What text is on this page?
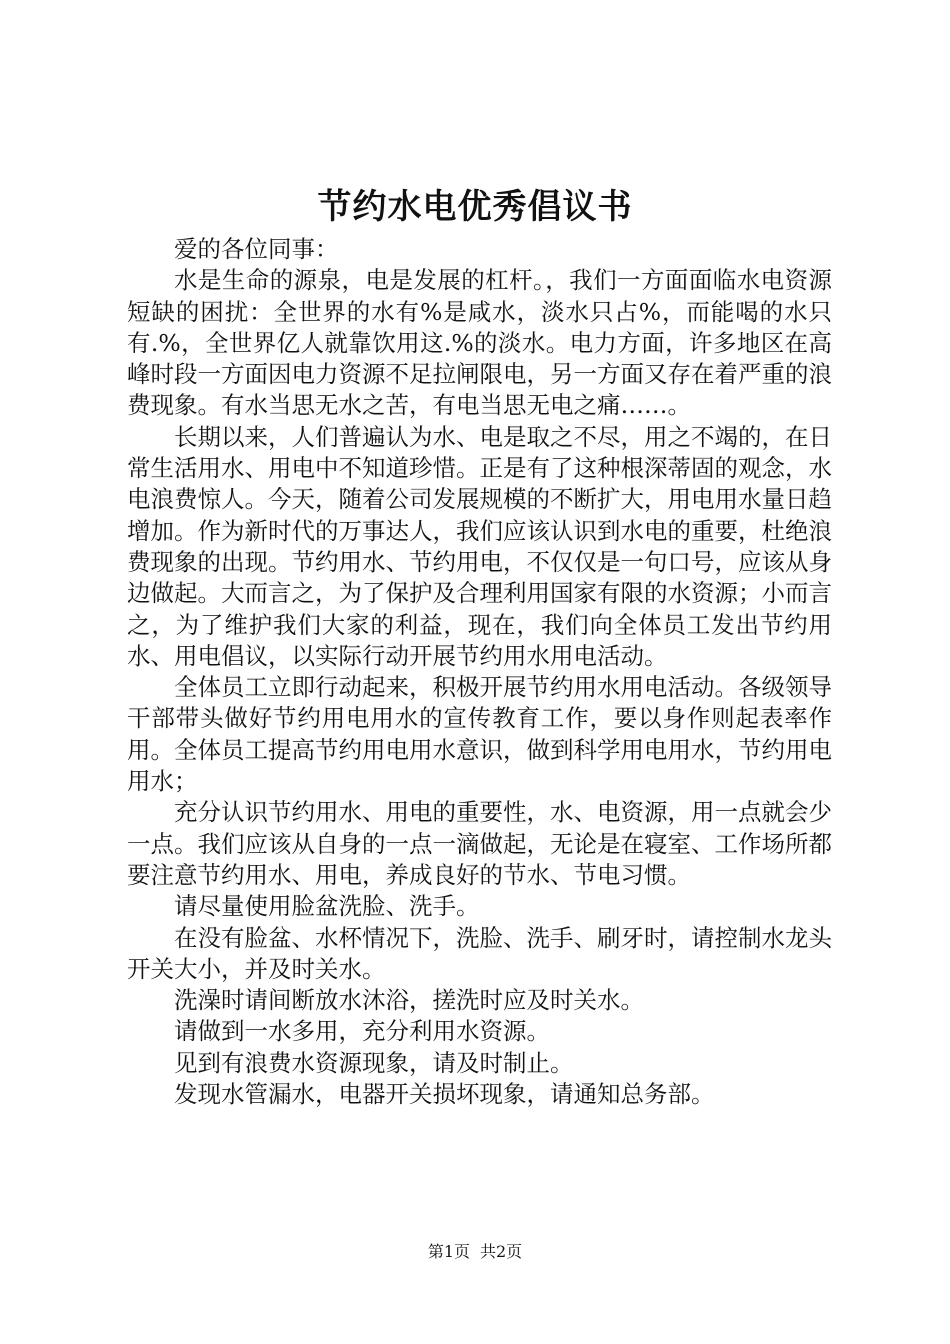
节约水电优秀倡议书

爱的各位同事：

水是生命的源泉，电是发展的杠杆。，我们一方面面临水电资源短缺的困扰：全世界的水有%是咸水，淡水只占%，而能喝的水只有.%，全世界亿人就靠饮用这.%的淡水。电力方面，许多地区在高峰时段一方面因电力资源不足拉闸限电，另一方面又存在着严重的浪费现象。有水当思无水之苦，有电当思无电之痛……。

长期以来，人们普遍认为水、电是取之不尽，用之不竭的，在日常生活用水、用电中不知道珍惜。正是有了这种根深蒂固的观念，水电浪费惊人。今天，随着公司发展规模的不断扩大，用电用水量日趋增加。作为新时代的万事达人，我们应该认识到水电的重要，杜绝浪费现象的出现。节约用水、节约用电，不仅仅是一句口号，应该从身边做起。大而言之，为了保护及合理利用国家有限的水资源；小而言之，为了维护我们大家的利益，现在，我们向全体员工发出节约用水、用电倡议，以实际行动开展节约用水用电活动。

全体员工立即行动起来，积极开展节约用水用电活动。各级领导干部带头做好节约用电用水的宣传教育工作，要以身作则起表率作用。全体员工提高节约用电用水意识，做到科学用电用水，节约用电用水；

充分认识节约用水、用电的重要性，水、电资源，用一点就会少一点。我们应该从自身的一点一滴做起，无论是在寝室、工作场所都要注意节约用水、用电，养成良好的节水、节电习惯。

请尽量使用脸盆洗脸、洗手。

在没有脸盆、水杯情况下，洗脸、洗手、刷牙时，请控制水龙头开关大小，并及时关水。

洗澡时请间断放水沐浴，搓洗时应及时关水。

请做到一水多用，充分利用水资源。

见到有浪费水资源现象，请及时制止。

发现水管漏水，电器开关损坏现象，请通知总务部。

第1页 共2页
